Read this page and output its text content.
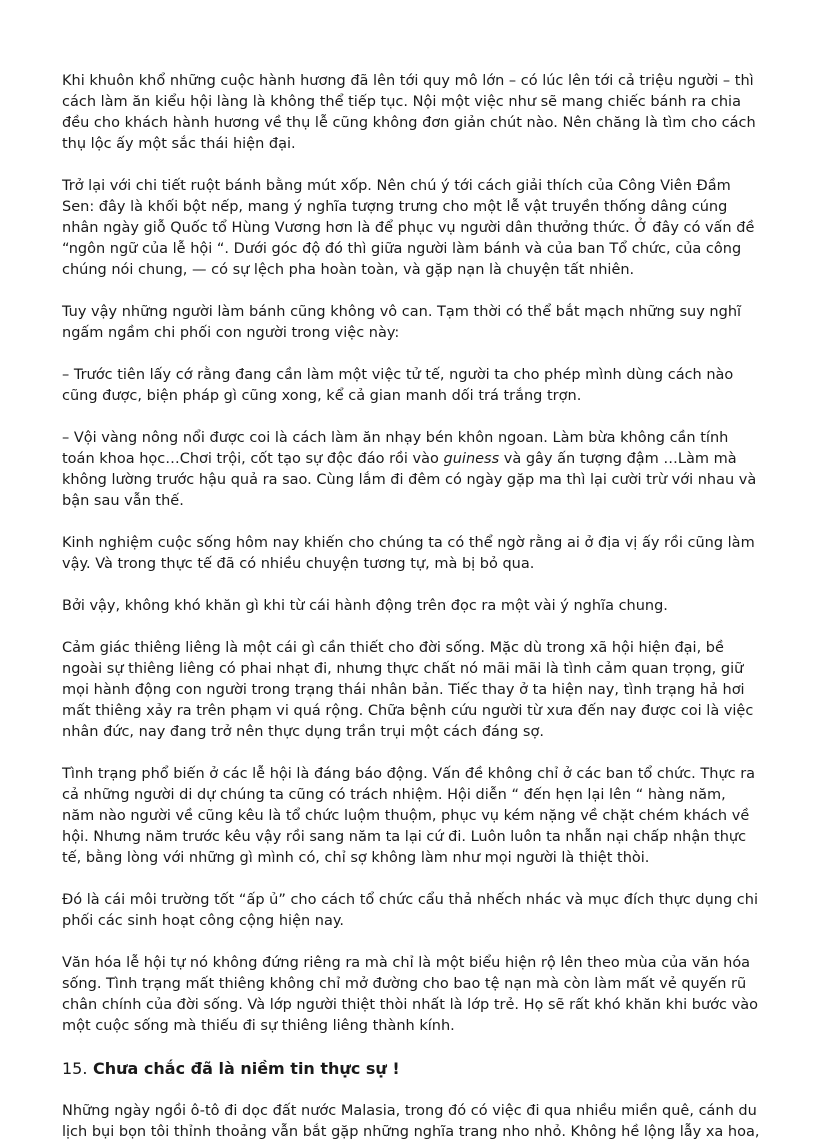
Khi khuôn khổ những cuộc hành hương đã lên tới quy mô lớn – có lúc lên tới cả triệu người – thì cách làm ăn kiểu hội làng là không thể tiếp tục. Nội một việc như sẽ mang chiếc bánh ra chia đều cho khách hành hương về thụ lễ cũng không đơn giản chút nào. Nên chăng là tìm cho cách thụ lộc ấy một sắc thái hiện đại.

Trở lại với chi tiết ruột bánh bằng mút xốp. Nên chú ý tới cách giải thích của Công Viên Đầm Sen: đây là khối bột nếp, mang ý nghĩa tượng trưng cho một lễ vật truyền thống dâng cúng nhân ngày giỗ Quốc tổ Hùng Vương hơn là để phục vụ người dân thưởng thức. Ở đây có vấn đề “ngôn ngữ của lễ hội “. Dưới góc độ đó thì giữa người làm bánh và của ban Tổ chức, của công chúng nói chung, — có sự lệch pha hoàn toàn, và gặp nạn là chuyện tất nhiên.

Tuy vậy những người làm bánh cũng không vô can. Tạm thời có thể bắt mạch những suy nghĩ ngấm ngầm chi phối con người trong việc này:

– Trước tiên lấy cớ rằng đang cần làm một việc tử tế, người ta cho phép mình dùng cách nào cũng được, biện pháp gì cũng xong, kể cả gian manh dối trá trắng trợn.

– Vội vàng nông nổi được coi là cách làm ăn nhạy bén khôn ngoan. Làm bừa không cần tính toán khoa học…Chơi trội, cốt tạo sự độc đáo rồi vào guiness và gây ấn tượng đậm …Làm mà không lường trước hậu quả ra sao. Cùng lắm đi đêm có ngày gặp ma thì lại cười trừ với nhau và bận sau vẫn thế.

Kinh nghiệm cuộc sống hôm nay khiến cho chúng ta có thể ngờ rằng ai ở địa vị ấy rồi cũng làm vậy. Và trong thực tế đã có nhiều chuyện tương tự, mà bị bỏ qua.

Bởi vậy, không khó khăn gì khi từ cái hành động trên đọc ra một vài ý nghĩa chung.

Cảm giác thiêng liêng là một cái gì cần thiết cho đời sống. Mặc dù trong xã hội hiện đại, bề ngoài sự thiêng liêng có phai nhạt đi, nhưng thực chất nó mãi mãi là tình cảm quan trọng, giữ mọi hành động con người trong trạng thái nhân bản. Tiếc thay ở ta hiện nay, tình trạng hả hơi mất thiêng xảy ra trên phạm vi quá rộng. Chữa bệnh cứu người từ xưa đến nay được coi là việc nhân đức, nay đang trở nên thực dụng trần trụi một cách đáng sợ.

Tình trạng phổ biến ở các lễ hội là đáng báo động. Vấn đề không chỉ ở các ban tổ chức. Thực ra cả những người di dự chúng ta cũng có trách nhiệm. Hội diễn “ đến hẹn lại lên “ hàng năm, năm nào người về cũng kêu là tổ chức luộm thuộm, phục vụ kém nặng về chặt chém khách về hội. Nhưng năm trước kêu vậy rồi sang năm ta lại cứ đi. Luôn luôn ta nhẫn nại chấp nhận thực tế, bằng lòng với những gì mình có, chỉ sợ không làm như mọi người là thiệt thòi.

Đó là cái môi trường tốt “ấp ủ” cho cách tổ chức cẩu thả nhếch nhác và mục đích thực dụng chi phối các sinh hoạt công cộng hiện nay.

Văn hóa lễ hội tự nó không đứng riêng ra mà chỉ là một biểu hiện rộ lên theo mùa của văn hóa sống. Tình trạng mất thiêng không chỉ mở đường cho bao tệ nạn mà còn làm mất vẻ quyến rũ chân chính của đời sống. Và lớp người thiệt thòi nhất là lớp trẻ. Họ sẽ rất khó khăn khi bước vào một cuộc sống mà thiếu đi sự thiêng liêng thành kính.

15. Chưa chắc đã là niềm tin thực sự !

Những ngày ngồi ô-tô đi dọc đất nước Malasia, trong đó có việc đi qua nhiều miền quê, cánh du lịch bụi bọn tôi thỉnh thoảng vẫn bắt gặp những nghĩa trang nho nhỏ. Không hề lộng lẫy xa hoa,
